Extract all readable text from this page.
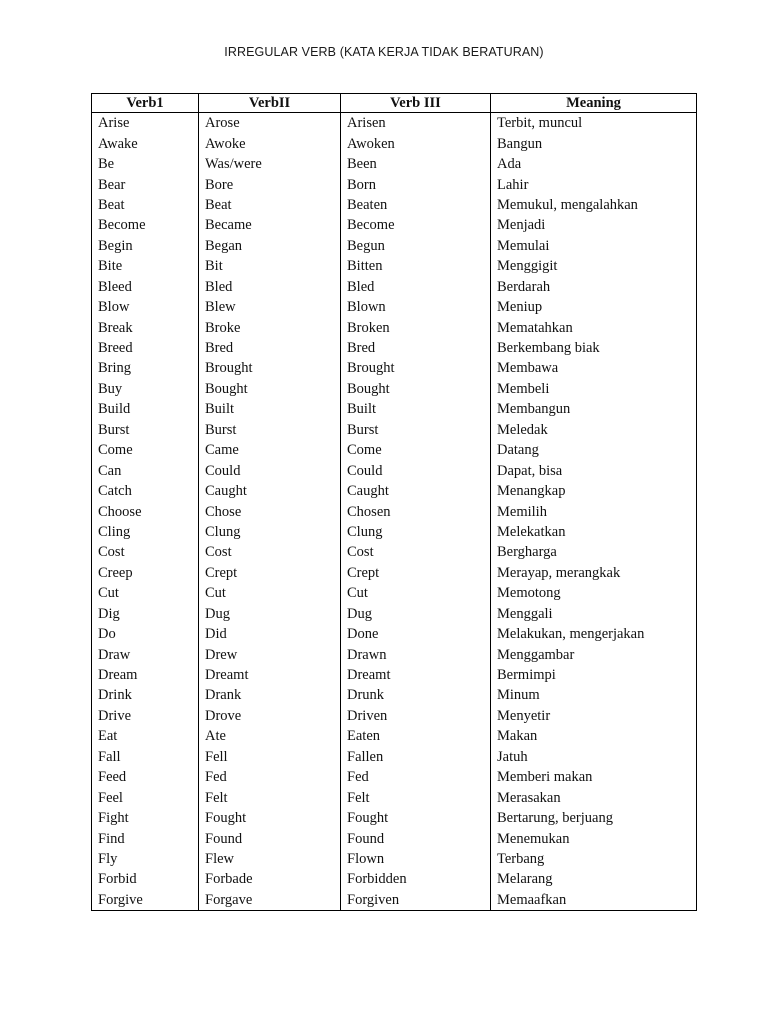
IRREGULAR VERB (KATA KERJA TIDAK BERATURAN)
Verb1	VerbII	Verb III	Meaning
Arise	Arose	Arisen	Terbit, muncul
Awake	Awoke	Awoken	Bangun
Be	Was/were	Been	Ada
Bear	Bore	Born	Lahir
Beat	Beat	Beaten	Memukul, mengalahkan
Become	Became	Become	Menjadi
Begin	Began	Begun	Memulai
Bite	Bit	Bitten	Menggigit
Bleed	Bled	Bled	Berdarah
Blow	Blew	Blown	Meniup
Break	Broke	Broken	Mematahkan
Breed	Bred	Bred	Berkembang biak
Bring	Brought	Brought	Membawa
Buy	Bought	Bought	Membeli
Build	Built	Built	Membangun
Burst	Burst	Burst	Meledak
Come	Came	Come	Datang
Can	Could	Could	Dapat, bisa
Catch	Caught	Caught	Menangkap
Choose	Chose	Chosen	Memilih
Cling	Clung	Clung	Melekatkan
Cost	Cost	Cost	Bergharga
Creep	Crept	Crept	Merayap, merangkak
Cut	Cut	Cut	Memotong
Dig	Dug	Dug	Menggali
Do	Did	Done	Melakukan, mengerjakan
Draw	Drew	Drawn	Menggambar
Dream	Dreamt	Dreamt	Bermimpi
Drink	Drank	Drunk	Minum
Drive	Drove	Driven	Menyetir
Eat	Ate	Eaten	Makan
Fall	Fell	Fallen	Jatuh
Feed	Fed	Fed	Memberi makan
Feel	Felt	Felt	Merasakan
Fight	Fought	Fought	Bertarung, berjuang
Find	Found	Found	Menemukan
Fly	Flew	Flown	Terbang
Forbid	Forbade	Forbidden	Melarang
Forgive	Forgave	Forgiven	Memaafkan
